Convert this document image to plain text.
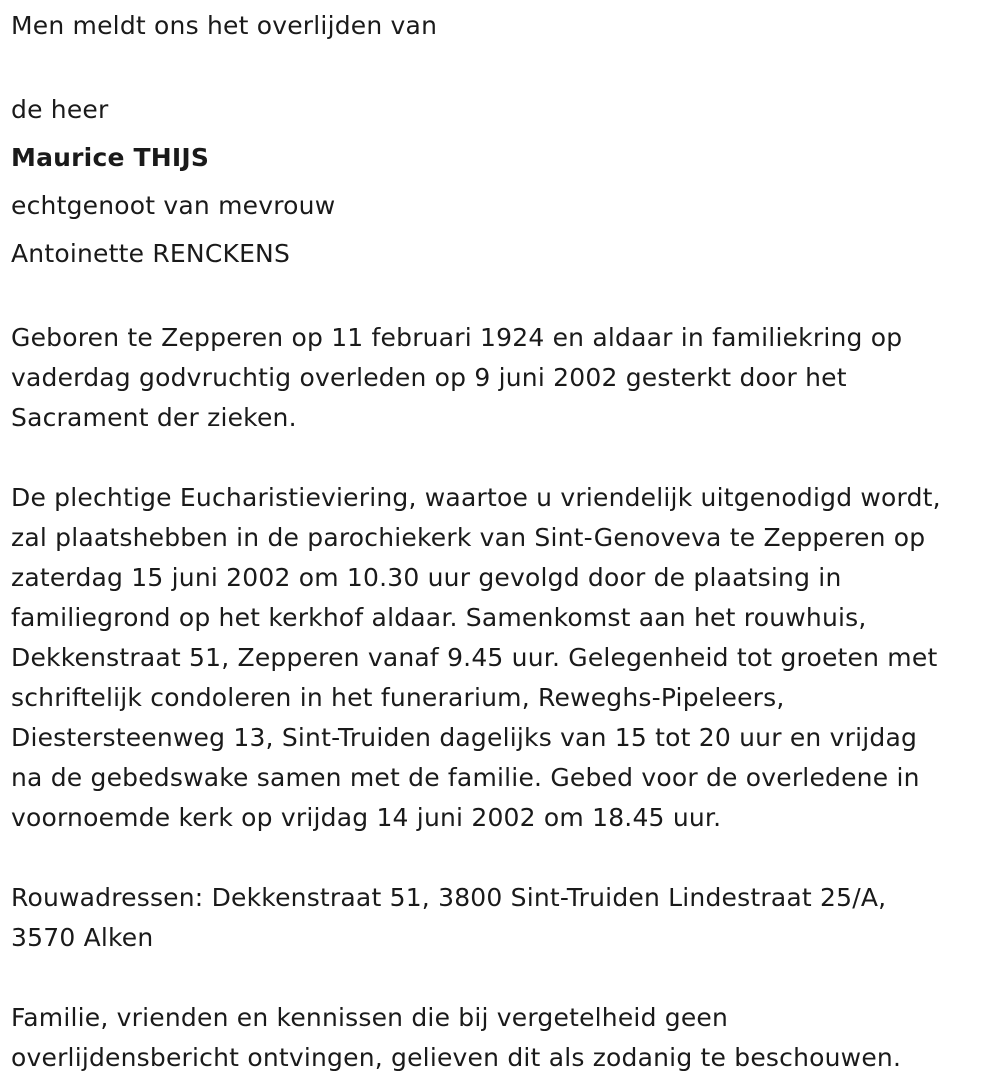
Men meldt ons het overlijden van

de heer

Maurice THIJS

echtgenoot van mevrouw

Antoinette RENCKENS

Geboren te Zepperen op 11 februari 1924 en aldaar in familiekring op

vaderdag godvruchtig overleden op 9 juni 2002 gesterkt door het

Sacrament der zieken.

De plechtige Eucharistieviering, waartoe u vriendelijk uitgenodigd wordt,

zal plaatshebben in de parochiekerk van Sint-Genoveva te Zepperen op

zaterdag 15 juni 2002 om 10.30 uur gevolgd door de plaatsing in

familiegrond op het kerkhof aldaar. Samenkomst aan het rouwhuis,

Dekkenstraat 51, Zepperen vanaf 9.45 uur. Gelegenheid tot groeten met

schriftelijk condoleren in het funerarium, Reweghs-Pipeleers,

Diestersteenweg 13, Sint-Truiden dagelijks van 15 tot 20 uur en vrijdag

na de gebedswake samen met de familie. Gebed voor de overledene in

voornoemde kerk op vrijdag 14 juni 2002 om 18.45 uur.

Rouwadressen: Dekkenstraat 51, 3800 Sint-Truiden Lindestraat 25/A,

3570 Alken

Familie, vrienden en kennissen die bij vergetelheid geen

overlijdensbericht ontvingen, gelieven dit als zodanig te beschouwen.
